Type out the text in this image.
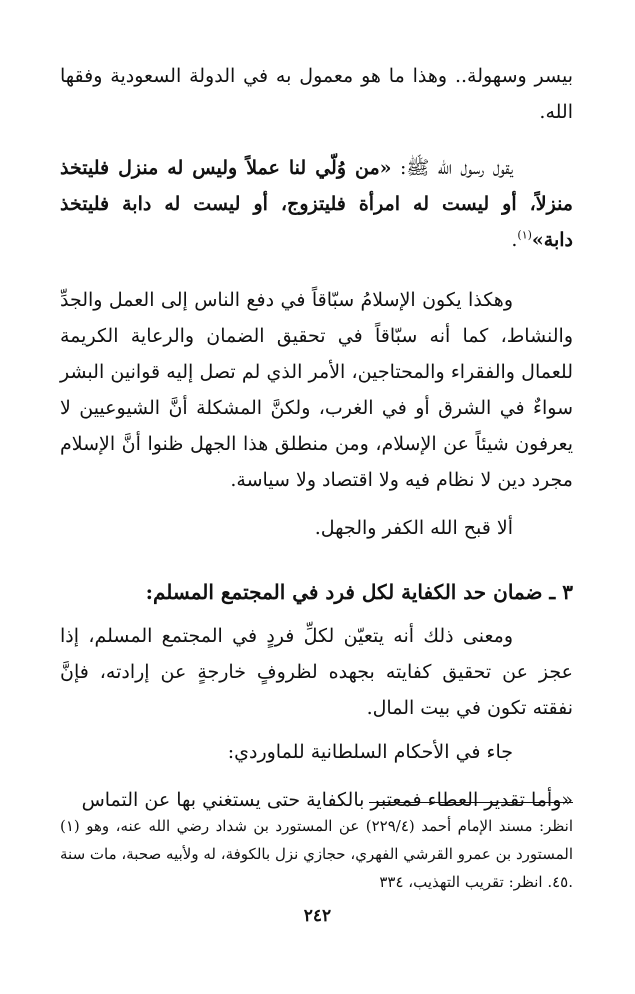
بيسر وسهولة.. وهذا ما هو معمول به في الدولة السعودية وفقها الله.

يقول رسول الله ﷺ: «من وُلّي لنا عملاً وليس له منزل فليتخذ منزلاً، أو ليست له امرأة فليتزوج، أو ليست له دابة فليتخذ دابة»$^{(١)}$.

وهكذا يكون الإسلامُ سبّاقاً في دفع الناس إلى العمل والجدِّ والنشاط، كما أنه سبّاقاً في تحقيق الضمان والرعاية الكريمة للعمال والفقراء والمحتاجين، الأمر الذي لم تصل إليه قوانين البشر سواءٌ في الشرق أو في الغرب، ولكنَّ المشكلة أنَّ الشيوعيين لا يعرفون شيئاً عن الإسلام، ومن منطلق هذا الجهل ظنوا أنَّ الإسلام مجرد دين لا نظام فيه ولا اقتصاد ولا سياسة.

ألا قبح الله الكفر والجهل.

٣ ـ ضمان حد الكفاية لكل فرد في المجتمع المسلم:

ومعنى ذلك أنه يتعيّن لكلِّ فردٍ في المجتمع المسلم، إذا عجز عن تحقيق كفايته بجهده لظروفٍ خارجةٍ عن إرادته، فإنَّ نفقته تكون في بيت المال.

جاء في الأحكام السلطانية للماوردي:

«وأما تقدير العطاء فمعتبر بالكفاية حتى يستغني بها عن التماس

(١) انظر: مسند الإمام أحمد (٢٢٩/٤) عن المستورد بن شداد رضي الله عنه، وهو المستورد بن عمرو القرشي الفهري، حجازي نزل بالكوفة، له ولأبيه صحبة، مات سنة ٤٥. انظر: تقريب التهذيب، ٣٣٤.

٢٤٢
